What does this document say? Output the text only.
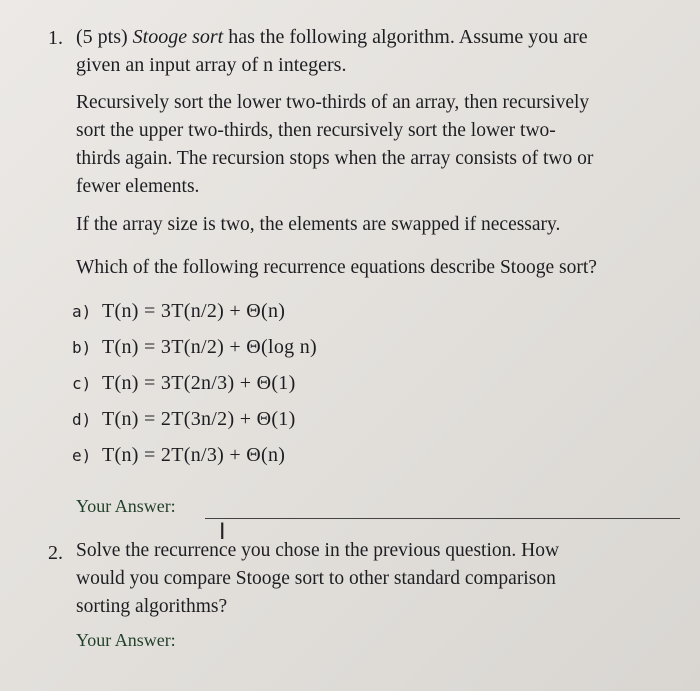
1. (5 pts) Stooge sort has the following algorithm. Assume you are
given an input array of n integers.
Recursively sort the lower two-thirds of an array, then recursively
sort the upper two-thirds, then recursively sort the lower two-
thirds again. The recursion stops when the array consists of two or
fewer elements.
If the array size is two, the elements are swapped if necessary.
Which of the following recurrence equations describe Stooge sort?
a) T(n) = 3T(n/2) + Θ(n)
b) T(n) = 3T(n/2) + Θ(log n)
c) T(n) = 3T(2n/3) + Θ(1)
d) T(n) = 2T(3n/2) + Θ(1)
e) T(n) = 2T(n/3) + Θ(n)
Your Answer:
I
2. Solve the recurrence you chose in the previous question. How
would you compare Stooge sort to other standard comparison
sorting algorithms?
Your Answer:
